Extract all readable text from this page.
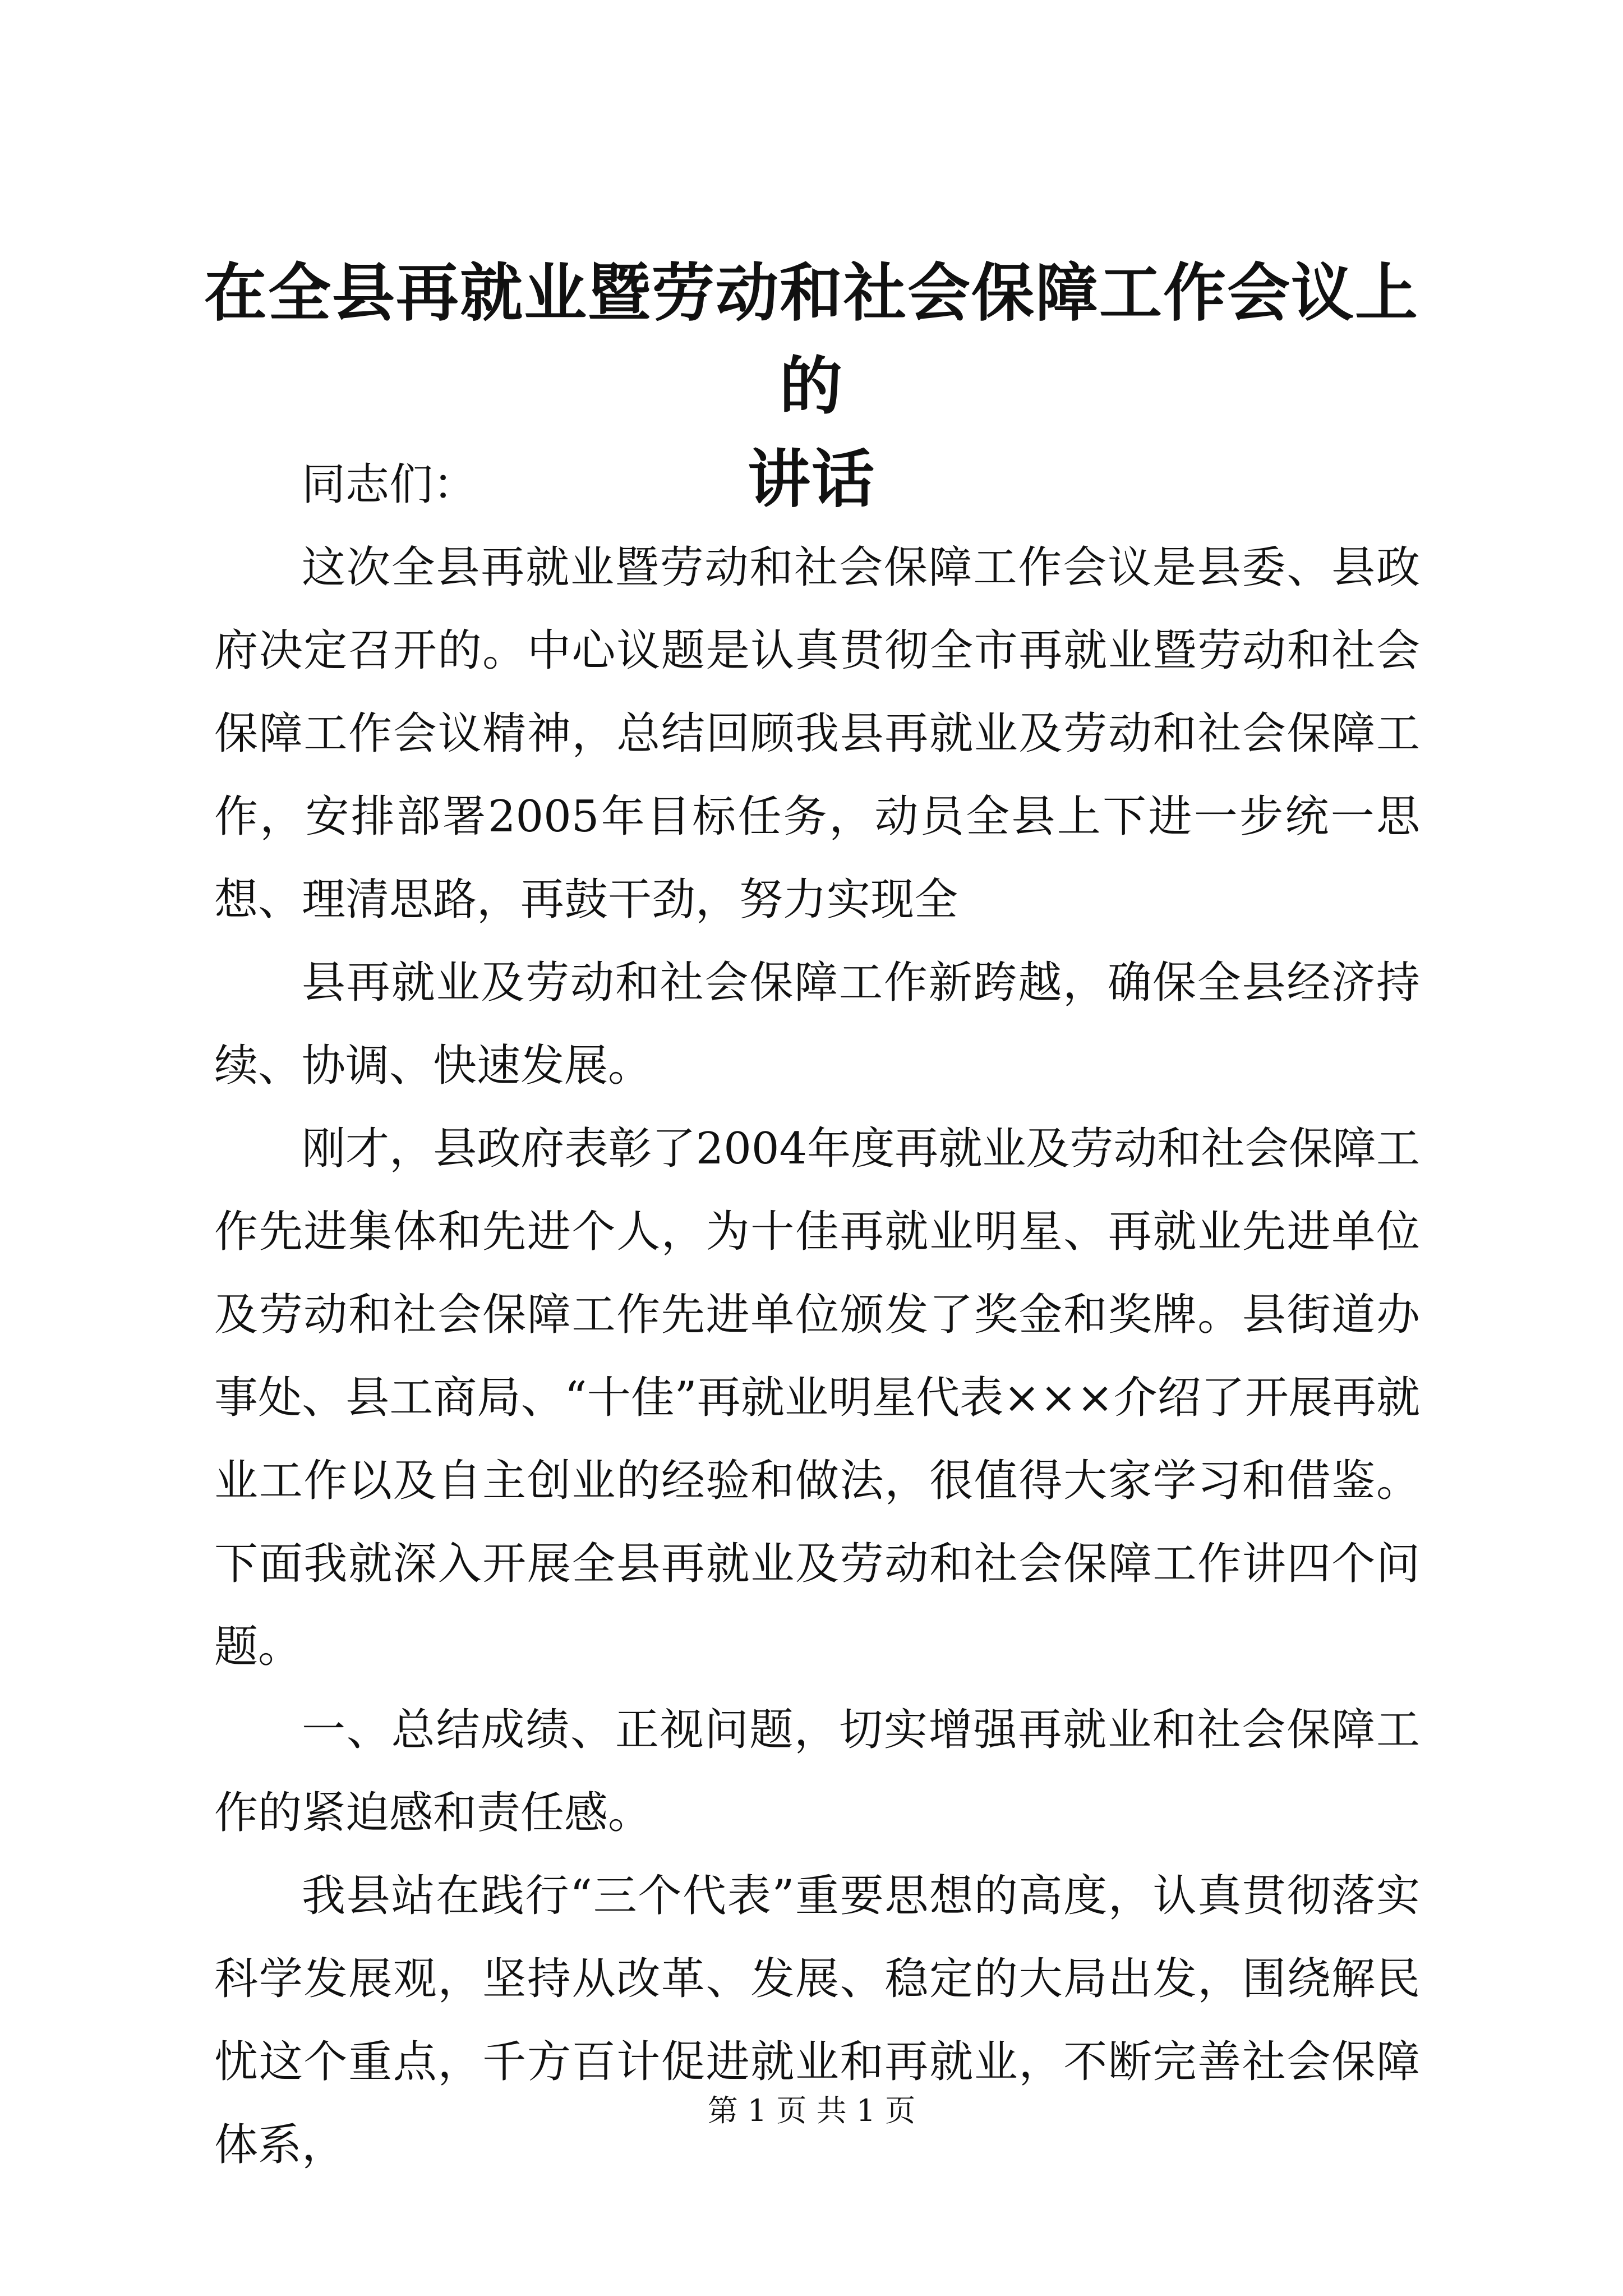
在全县再就业暨劳动和社会保障工作会议上的
讲话

同志们：

这次全县再就业暨劳动和社会保障工作会议是县委、县政府决定召开的。中心议题是认真贯彻全市再就业暨劳动和社会保障工作会议精神，总结回顾我县再就业及劳动和社会保障工作，安排部署2005年目标任务，动员全县上下进一步统一思想、理清思路，再鼓干劲，努力实现全

县再就业及劳动和社会保障工作新跨越，确保全县经济持续、协调、快速发展。

刚才，县政府表彰了2004年度再就业及劳动和社会保障工作先进集体和先进个人，为十佳再就业明星、再就业先进单位及劳动和社会保障工作先进单位颁发了奖金和奖牌。县街道办事处、县工商局、“十佳”再就业明星代表×××介绍了开展再就业工作以及自主创业的经验和做法，很值得大家学习和借鉴。下面我就深入开展全县再就业及劳动和社会保障工作讲四个问题。

一、总结成绩、正视问题，切实增强再就业和社会保障工作的紧迫感和责任感。

我县站在践行“三个代表”重要思想的高度，认真贯彻落实科学发展观，坚持从改革、发展、稳定的大局出发，围绕解民忧这个重点，千方百计促进就业和再就业，不断完善社会保障体系，

第 1 页 共 1 页
